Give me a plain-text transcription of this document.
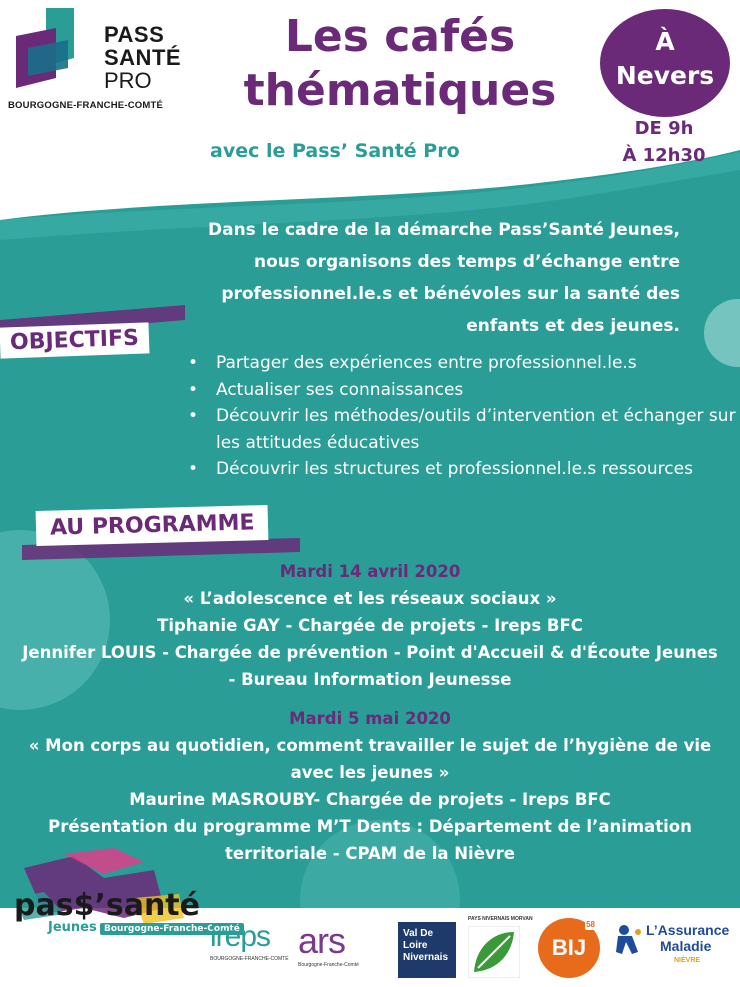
PASS
SANTÉ
PRO
BOURGOGNE-FRANCHE-COMTÉ
Les cafés
thématiques
avec le Pass’ Santé Pro
À
Nevers
DE 9h
À 12h30
Dans le cadre de la démarche Pass’Santé Jeunes,
nous organisons des temps d’échange entre
professionnel.le.s et bénévoles sur la santé des
enfants et des jeunes.
OBJECTIFS
• Partager des expériences entre professionnel.le.s
• Actualiser ses connaissances
• Découvrir les méthodes/outils d’intervention et échanger sur les attitudes éducatives
• Découvrir les structures et professionnel.le.s ressources
AU PROGRAMME
Mardi 14 avril 2020
« L’adolescence et les réseaux sociaux »
Tiphanie GAY - Chargée de projets - Ireps BFC
Jennifer LOUIS - Chargée de prévention - Point d'Accueil & d'Écoute Jeunes
- Bureau Information Jeunesse
Mardi 5 mai 2020
« Mon corps au quotidien, comment travailler le sujet de l’hygiène de vie
avec les jeunes »
Maurine MASROUBY- Chargée de projets - Ireps BFC
Présentation du programme M’T Dents : Département de l’animation
territoriale - CPAM de la Nièvre
pas$’santé
Jeunes Bourgogne-Franche-Comté
ireps
BOURGOGNE-FRANCHE-COMTÉ ars
Bourgogne-Franche-Comté
Val De Loire Nivernais
PAYS NIVERNAIS MORVAN
BIJ
58	L’Assurance
Maladie
NIÈVRE
